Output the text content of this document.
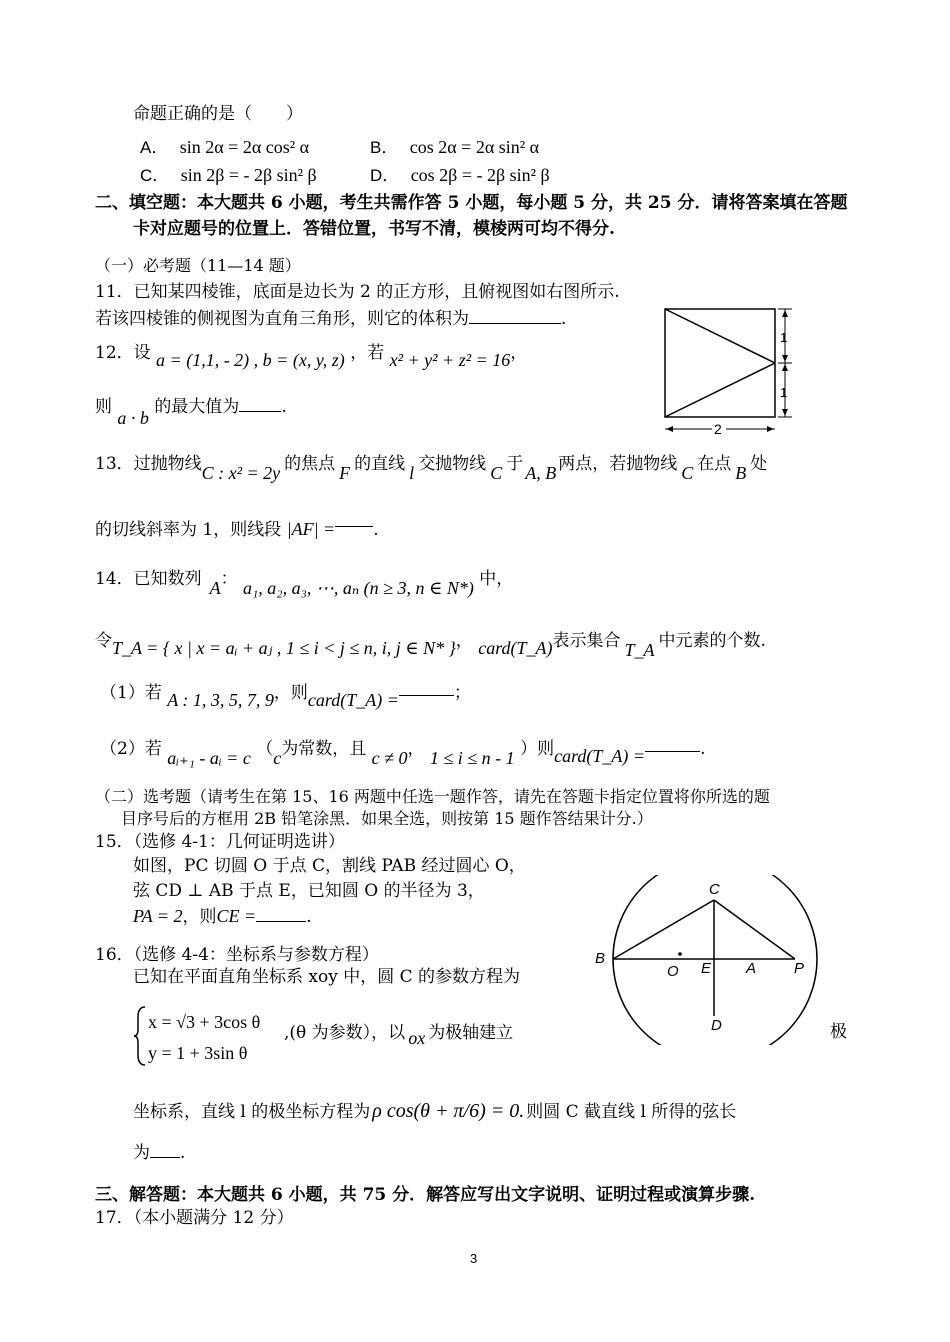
命题正确的是（　　）
A． sin 2α = 2α cos² α	B． cos 2α = 2α sin² α
C． sin 2β = - 2β sin² β	D． cos 2β = - 2β sin² β
二、填空题：本大题共 6 小题，考生共需作答 5 小题，每小题 5 分，共 25 分．请将答案填在答题
卡对应题号的位置上．答错位置，书写不清，模棱两可均不得分.
（一）必考题（11—14 题）
11．已知某四棱锥，底面是边长为 2 的正方形，且俯视图如右图所示.
若该四棱锥的侧视图为直角三角形，则它的体积为	.
1
1
2
12．设 a = (1,1, - 2) , b = (x, y, z) ，若 x² + y² + z² = 16，
则 a · b 的最大值为 .
13．过抛物线C : x² = 2y 的焦点 F 的直线 l 交抛物线 C 于 A, B 两点，若抛物线 C 在点 B 处
的切线斜率为 1，则线段 |AF| = .
14．已知数列 A： a₁, a₂, a₃, ⋯, aₙ (n ≥ 3, n ∈ N*) 中，
令T_A = { x | x = aᵢ + aⱼ , 1 ≤ i < j ≤ n, i, j ∈ N* }， card(T_A)表示集合 T_A 中元素的个数.
（1）若 A : 1, 3, 5, 7, 9，则card(T_A) =	；
（2）若 aᵢ₊₁ - aᵢ = c （c为常数，且 c ≠ 0， 1 ≤ i ≤ n - 1 ）则card(T_A) =	.
（二）选考题（请考生在第 15、16 两题中任选一题作答，请先在答题卡指定位置将你所选的题
目序号后的方框用 2B 铅笔涂黑．如果全选，则按第 15 题作答结果计分.）
15．（选修 4-1：几何证明选讲）
如图，PC 切圆 O 于点 C，割线 PAB 经过圆心 O，
弦 CD ⊥ AB 于点 E，已知圆 O 的半径为 3，
PA = 2，则CE =	.
C
B
O E A	P
D
16．（选修 4-4：坐标系与参数方程）
已知在平面直角坐标系 xoy 中，圆 C 的参数方程为
x = √3 + 3cos θ
y = 1 + 3sin θ
,(θ 为参数），以 ox 为极轴建立	极
坐标系，直线 l 的极坐标方程为 ρ cos(θ + π/6) = 0. 则圆 C 截直线 l 所得的弦长
为 .
三、解答题：本大题共 6 小题，共 75 分．解答应写出文字说明、证明过程或演算步骤.
17．（本小题满分 12 分）
3
